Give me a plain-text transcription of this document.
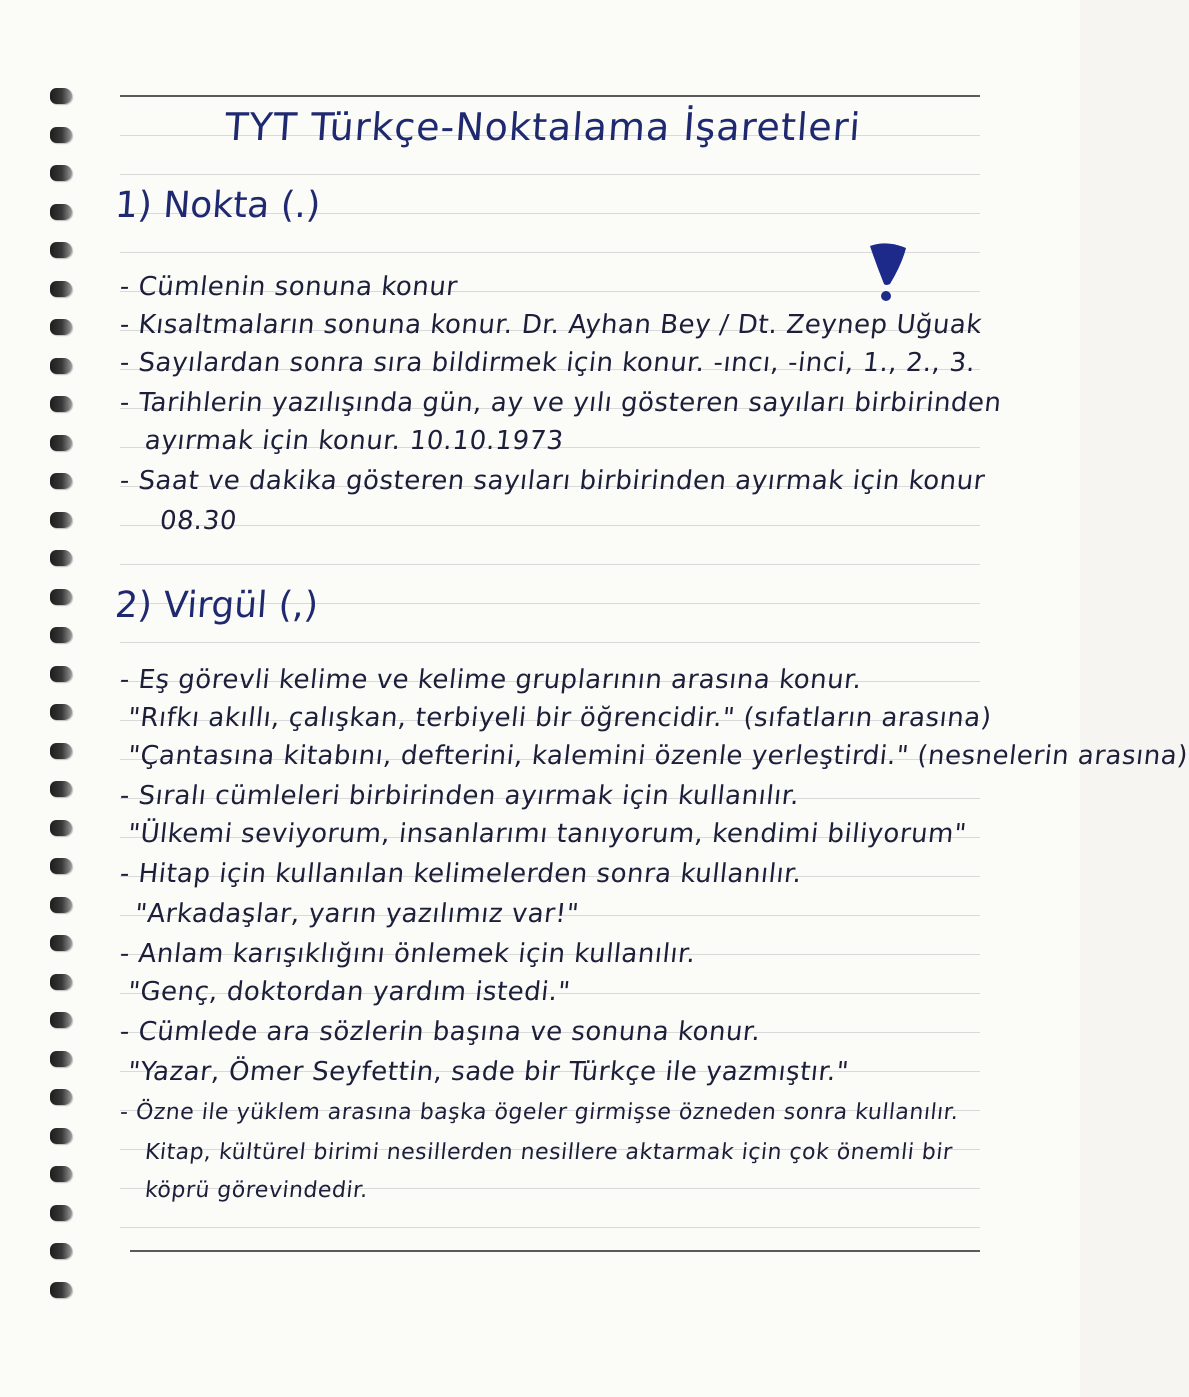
TYT Türkçe-Noktalama İşaretleri
1) Nokta (.)
- Cümlenin sonuna konur
- Kısaltmaların sonuna konur. Dr. Ayhan Bey / Dt. Zeynep Uğuak
- Sayılardan sonra sıra bildirmek için konur. -ıncı, -inci, 1., 2., 3.
- Tarihlerin yazılışında gün, ay ve yılı gösteren sayıları birbirinden
ayırmak için konur. 10.10.1973
- Saat ve dakika gösteren sayıları birbirinden ayırmak için konur
08.30
2) Virgül (,)
- Eş görevli kelime ve kelime gruplarının arasına konur.
"Rıfkı akıllı, çalışkan, terbiyeli bir öğrencidir." (sıfatların arasına)
"Çantasına kitabını, defterini, kalemini özenle yerleştirdi." (nesnelerin arasına)
- Sıralı cümleleri birbirinden ayırmak için kullanılır.
"Ülkemi seviyorum, insanlarımı tanıyorum, kendimi biliyorum"
- Hitap için kullanılan kelimelerden sonra kullanılır.
"Arkadaşlar, yarın yazılımız var!"
- Anlam karışıklığını önlemek için kullanılır.
"Genç, doktordan yardım istedi."
- Cümlede ara sözlerin başına ve sonuna konur.
"Yazar, Ömer Seyfettin, sade bir Türkçe ile yazmıştır."
- Özne ile yüklem arasına başka ögeler girmişse özneden sonra kullanılır.
Kitap, kültürel birimi nesillerden nesillere aktarmak için çok önemli bir
köprü görevindedir.
